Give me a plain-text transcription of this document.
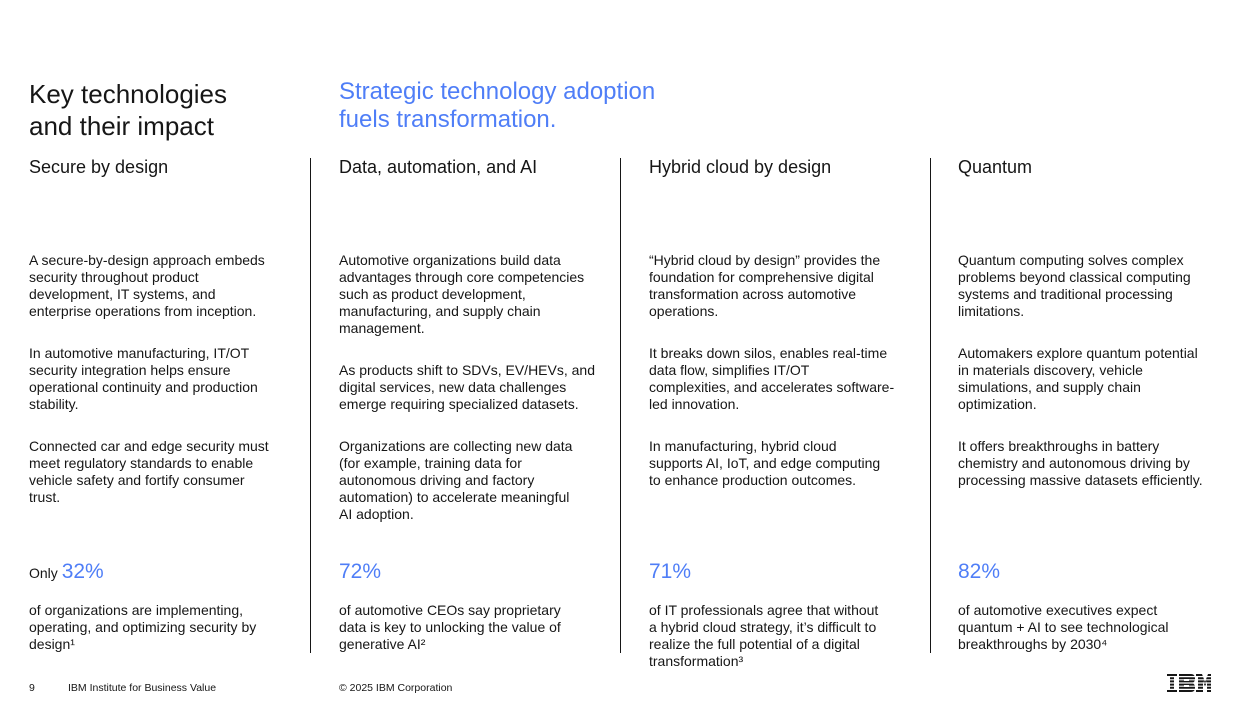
Key technologies
and their impact
Strategic technology adoption
fuels transformation.
Secure by design

A secure-by-design approach embeds
security throughout product
development, IT systems, and
enterprise operations from inception.

In automotive manufacturing, IT/OT
security integration helps ensure
operational continuity and production
stability.

Connected car and edge security must
meet regulatory standards to enable
vehicle safety and fortify consumer
trust.

Only 32%

of organizations are implementing,
operating, and optimizing security by
design¹

Data, automation, and AI

Automotive organizations build data
advantages through core competencies
such as product development,
manufacturing, and supply chain
management.

As products shift to SDVs, EV/HEVs, and
digital services, new data challenges
emerge requiring specialized datasets.

Organizations are collecting new data
(for example, training data for
autonomous driving and factory
automation) to accelerate meaningful
AI adoption.

72%

of automotive CEOs say proprietary
data is key to unlocking the value of
generative AI²

Hybrid cloud by design

“Hybrid cloud by design” provides the
foundation for comprehensive digital
transformation across automotive
operations.

It breaks down silos, enables real-time
data flow, simplifies IT/OT
complexities, and accelerates software-
led innovation.

In manufacturing, hybrid cloud
supports AI, IoT, and edge computing
to enhance production outcomes.

71%

of IT professionals agree that without
a hybrid cloud strategy, it’s difficult to
realize the full potential of a digital
transformation³

Quantum

Quantum computing solves complex
problems beyond classical computing
systems and traditional processing
limitations.

Automakers explore quantum potential
in materials discovery, vehicle
simulations, and supply chain
optimization.

It offers breakthroughs in battery
chemistry and autonomous driving by
processing massive datasets efficiently.

82%

of automotive executives expect
quantum + AI to see technological
breakthroughs by 2030⁴

9	IBM Institute for Business Value	© 2025 IBM Corporation
